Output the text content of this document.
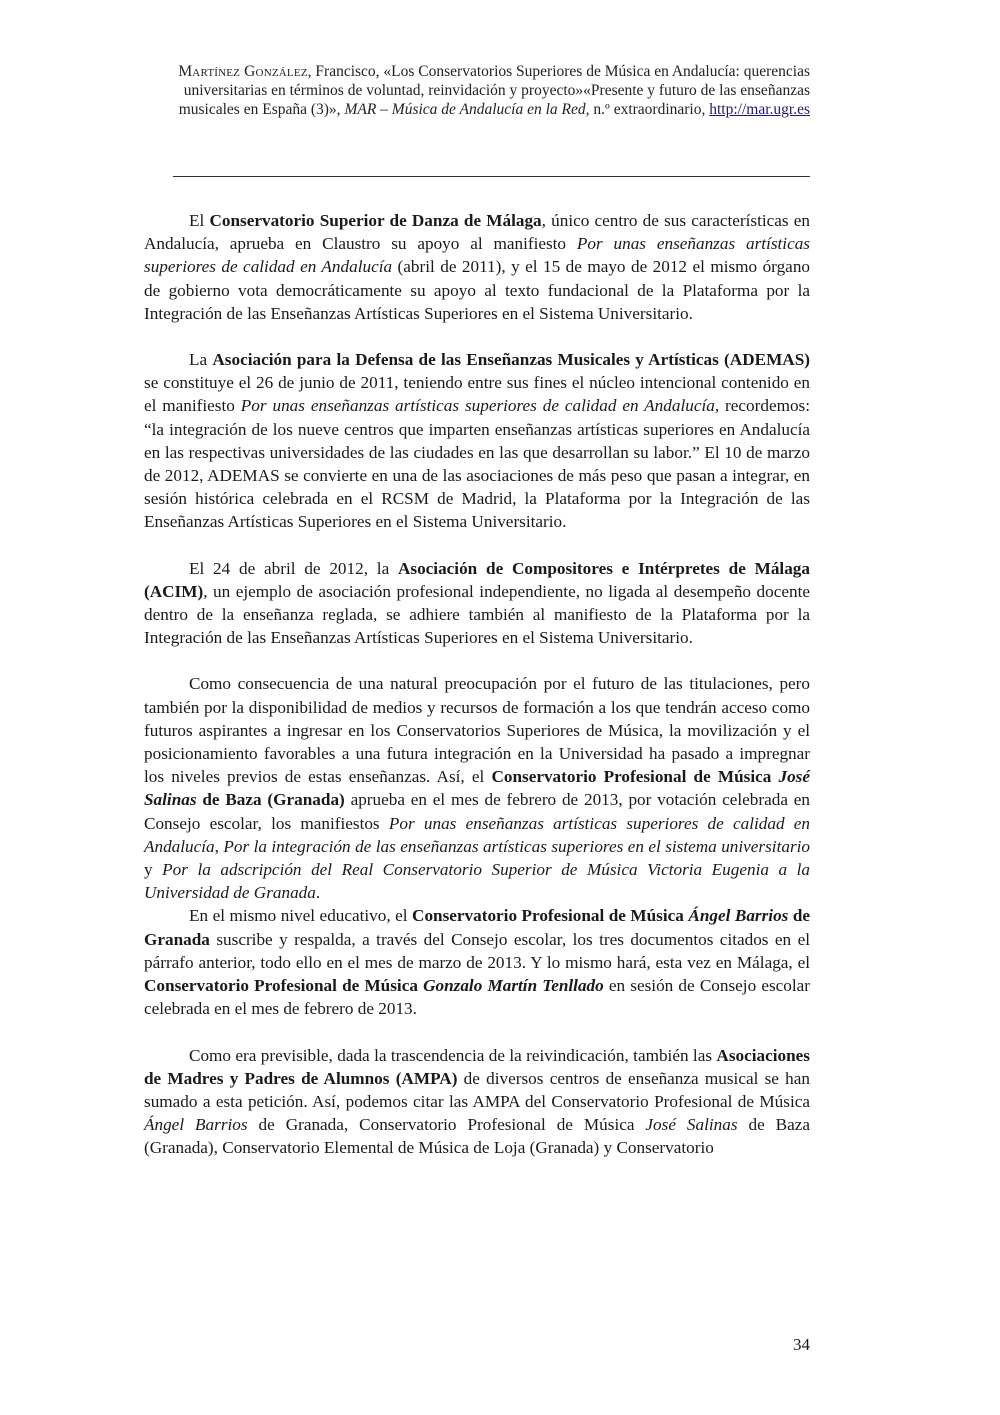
Martínez González, Francisco, «Los Conservatorios Superiores de Música en Andalucía: querencias universitarias en términos de voluntad, reinvidación y proyecto»«Presente y futuro de las enseñanzas musicales en España (3)», MAR – Música de Andalucía en la Red, n.º extraordinario, http://mar.ugr.es

El Conservatorio Superior de Danza de Málaga, único centro de sus características en Andalucía, aprueba en Claustro su apoyo al manifiesto Por unas enseñanzas artísticas superiores de calidad en Andalucía (abril de 2011), y el 15 de mayo de 2012 el mismo órgano de gobierno vota democráticamente su apoyo al texto fundacional de la Plataforma por la Integración de las Enseñanzas Artísticas Superiores en el Sistema Universitario.

La Asociación para la Defensa de las Enseñanzas Musicales y Artísticas (ADEMAS) se constituye el 26 de junio de 2011, teniendo entre sus fines el núcleo intencional contenido en el manifiesto Por unas enseñanzas artísticas superiores de calidad en Andalucía, recordemos: “la integración de los nueve centros que imparten enseñanzas artísticas superiores en Andalucía en las respectivas universidades de las ciudades en las que desarrollan su labor.” El 10 de marzo de 2012, ADEMAS se convierte en una de las asociaciones de más peso que pasan a integrar, en sesión histórica celebrada en el RCSM de Madrid, la Plataforma por la Integración de las Enseñanzas Artísticas Superiores en el Sistema Universitario.

El 24 de abril de 2012, la Asociación de Compositores e Intérpretes de Málaga (ACIM), un ejemplo de asociación profesional independiente, no ligada al desempeño docente dentro de la enseñanza reglada, se adhiere también al manifiesto de la Plataforma por la Integración de las Enseñanzas Artísticas Superiores en el Sistema Universitario.

Como consecuencia de una natural preocupación por el futuro de las titulaciones, pero también por la disponibilidad de medios y recursos de formación a los que tendrán acceso como futuros aspirantes a ingresar en los Conservatorios Superiores de Música, la movilización y el posicionamiento favorables a una futura integración en la Universidad ha pasado a impregnar los niveles previos de estas enseñanzas. Así, el Conservatorio Profesional de Música José Salinas de Baza (Granada) aprueba en el mes de febrero de 2013, por votación celebrada en Consejo escolar, los manifiestos Por unas enseñanzas artísticas superiores de calidad en Andalucía, Por la integración de las enseñanzas artísticas superiores en el sistema universitario y Por la adscripción del Real Conservatorio Superior de Música Victoria Eugenia a la Universidad de Granada.

En el mismo nivel educativo, el Conservatorio Profesional de Música Ángel Barrios de Granada suscribe y respalda, a través del Consejo escolar, los tres documentos citados en el párrafo anterior, todo ello en el mes de marzo de 2013. Y lo mismo hará, esta vez en Málaga, el Conservatorio Profesional de Música Gonzalo Martín Tenllado en sesión de Consejo escolar celebrada en el mes de febrero de 2013.

Como era previsible, dada la trascendencia de la reivindicación, también las Asociaciones de Madres y Padres de Alumnos (AMPA) de diversos centros de enseñanza musical se han sumado a esta petición. Así, podemos citar las AMPA del Conservatorio Profesional de Música Ángel Barrios de Granada, Conservatorio Profesional de Música José Salinas de Baza (Granada), Conservatorio Elemental de Música de Loja (Granada) y Conservatorio

34
